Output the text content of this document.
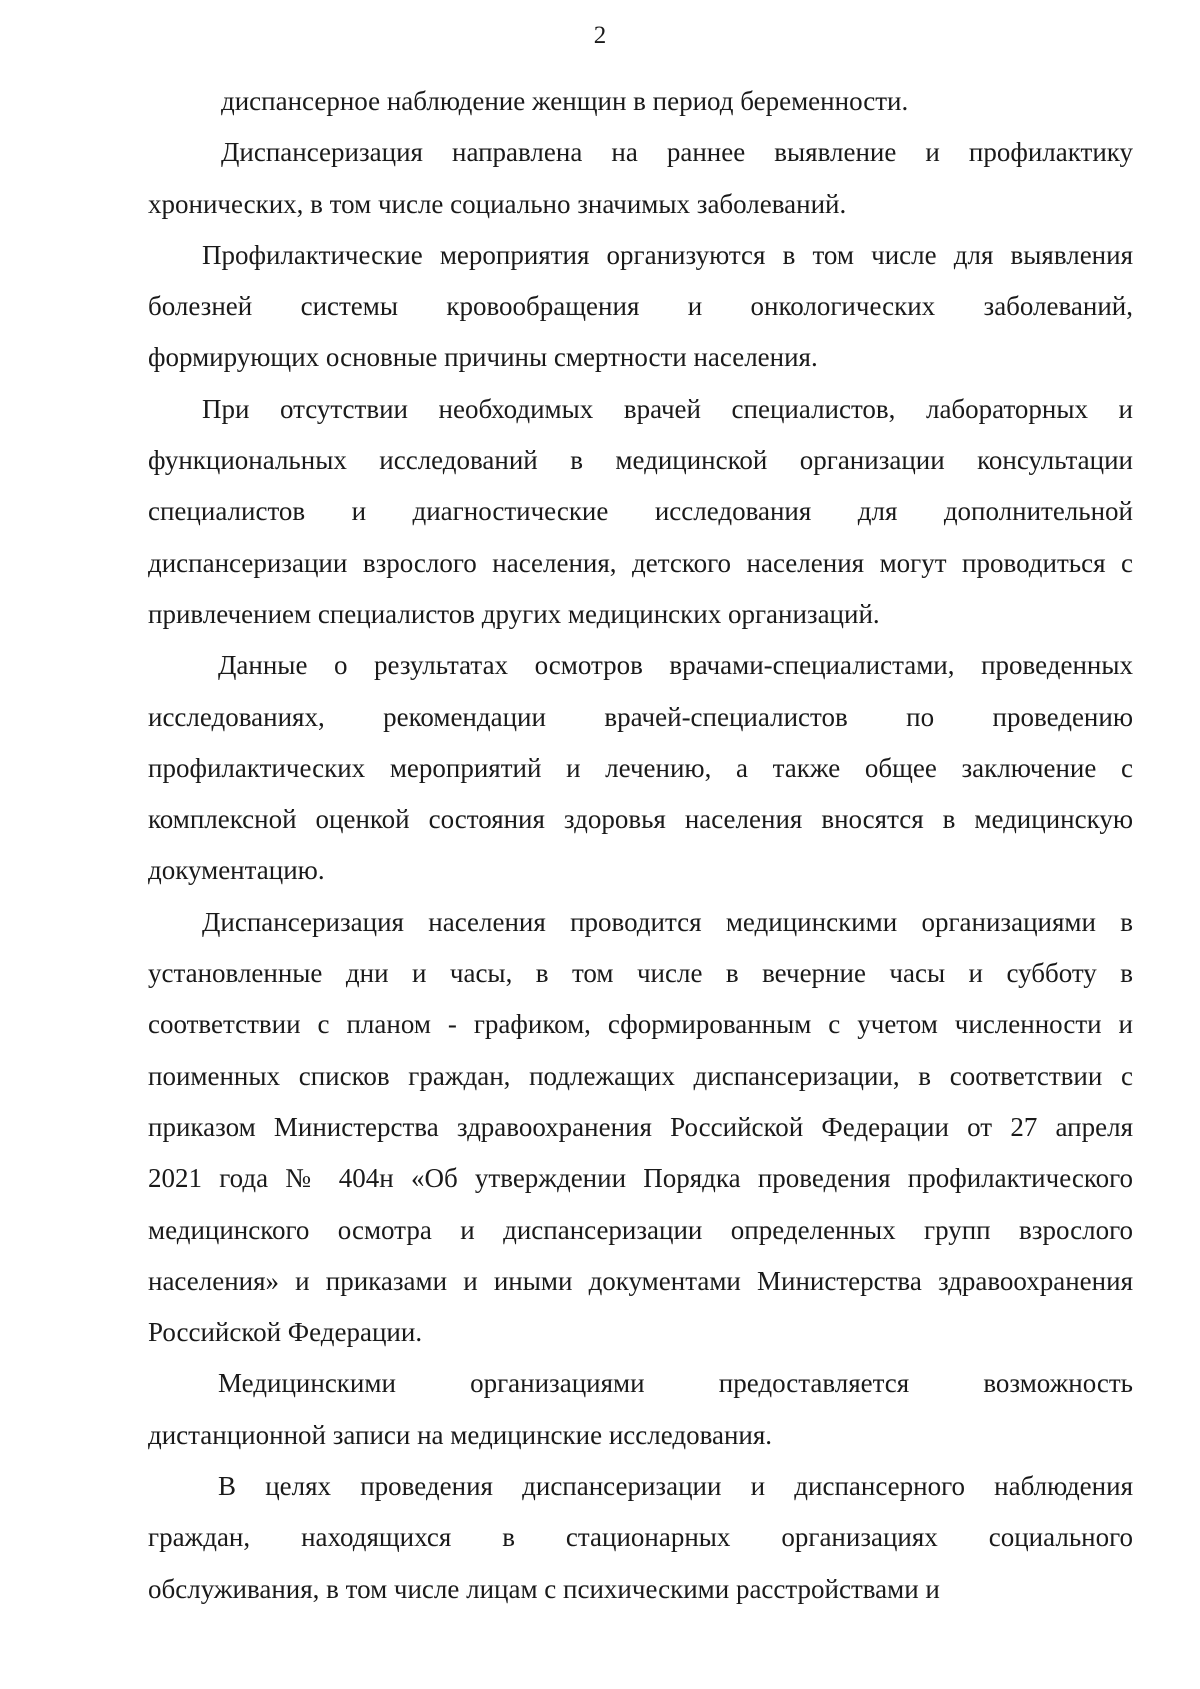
2

диспансерное наблюдение женщин в период беременности.

Диспансеризация направлена на раннее выявление и профилактику
хронических, в том числе социально значимых заболеваний.

Профилактические мероприятия организуются в том числе для выявления
болезней системы кровообращения и онкологических заболеваний,
формирующих основные причины смертности населения.

При отсутствии необходимых врачей специалистов, лабораторных и
функциональных исследований в медицинской организации консультации
специалистов и диагностические исследования для дополнительной
диспансеризации взрослого населения, детского населения могут проводиться с
привлечением специалистов других медицинских организаций.

Данные о результатах осмотров врачами-специалистами, проведенных
исследованиях, рекомендации врачей-специалистов по проведению
профилактических мероприятий и лечению, а также общее заключение с
комплексной оценкой состояния здоровья населения вносятся в медицинскую
документацию.

Диспансеризация населения проводится медицинскими организациями в
установленные дни и часы, в том числе в вечерние часы и субботу в
соответствии с планом - графиком, сформированным с учетом численности и
поименных списков граждан, подлежащих диспансеризации, в соответствии с
приказом Министерства здравоохранения Российской Федерации от 27 апреля
2021 года № 404н «Об утверждении Порядка проведения профилактического
медицинского осмотра и диспансеризации определенных групп взрослого
населения» и приказами и иными документами Министерства здравоохранения
Российской Федерации.

Медицинскими организациями предоставляется возможность
дистанционной записи на медицинские исследования.

В целях проведения диспансеризации и диспансерного наблюдения
граждан, находящихся в стационарных организациях социального
обслуживания, в том числе лицам с психическими расстройствами и
